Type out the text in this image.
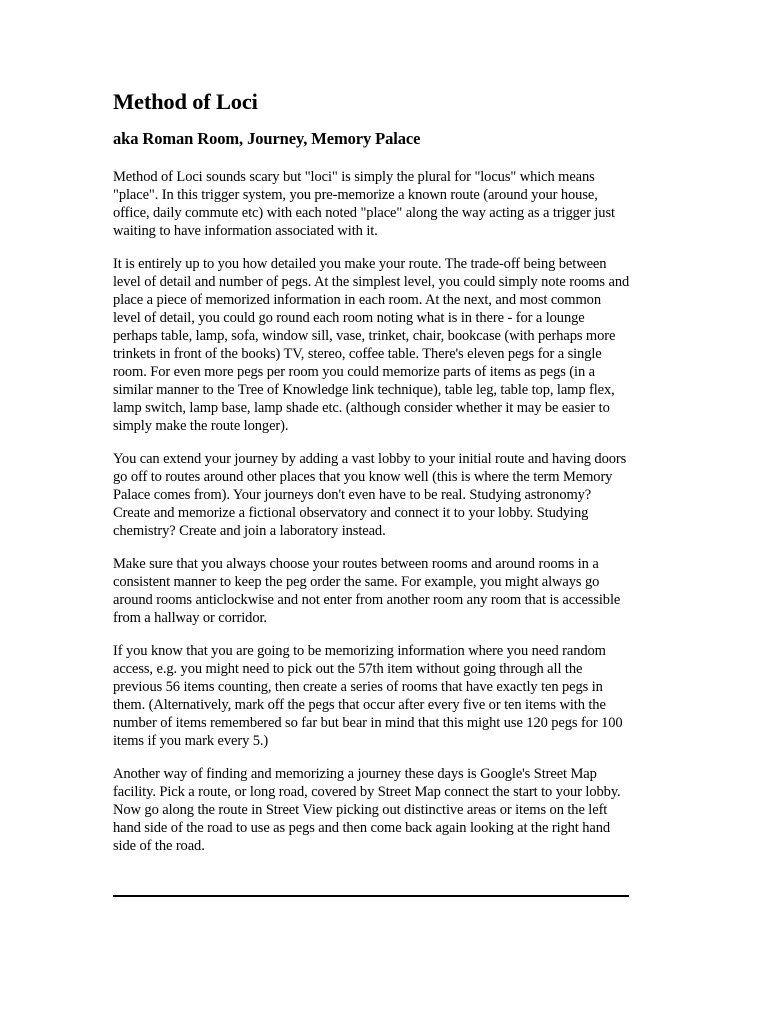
Method of Loci
aka Roman Room, Journey, Memory Palace

Method of Loci sounds scary but "loci" is simply the plural for "locus" which means "place". In this trigger system, you pre-memorize a known route (around your house, office, daily commute etc) with each noted "place" along the way acting as a trigger just waiting to have information associated with it.

It is entirely up to you how detailed you make your route. The trade-off being between level of detail and number of pegs. At the simplest level, you could simply note rooms and place a piece of memorized information in each room. At the next, and most common level of detail, you could go round each room noting what is in there - for a lounge perhaps table, lamp, sofa, window sill, vase, trinket, chair, bookcase (with perhaps more trinkets in front of the books) TV, stereo, coffee table. There's eleven pegs for a single room. For even more pegs per room you could memorize parts of items as pegs (in a similar manner to the Tree of Knowledge link technique), table leg, table top, lamp flex, lamp switch, lamp base, lamp shade etc. (although consider whether it may be easier to simply make the route longer).

You can extend your journey by adding a vast lobby to your initial route and having doors go off to routes around other places that you know well (this is where the term Memory Palace comes from). Your journeys don't even have to be real. Studying astronomy? Create and memorize a fictional observatory and connect it to your lobby. Studying chemistry? Create and join a laboratory instead.

Make sure that you always choose your routes between rooms and around rooms in a consistent manner to keep the peg order the same. For example, you might always go around rooms anticlockwise and not enter from another room any room that is accessible from a hallway or corridor.

If you know that you are going to be memorizing information where you need random access, e.g. you might need to pick out the 57th item without going through all the previous 56 items counting, then create a series of rooms that have exactly ten pegs in them. (Alternatively, mark off the pegs that occur after every five or ten items with the number of items remembered so far but bear in mind that this might use 120 pegs for 100 items if you mark every 5.)

Another way of finding and memorizing a journey these days is Google's Street Map facility. Pick a route, or long road, covered by Street Map connect the start to your lobby. Now go along the route in Street View picking out distinctive areas or items on the left hand side of the road to use as pegs and then come back again looking at the right hand side of the road.
